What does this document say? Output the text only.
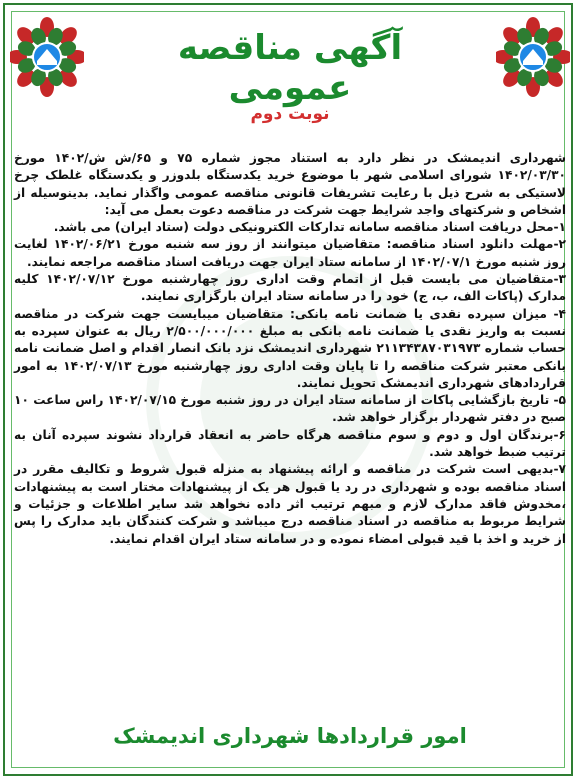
آگهی مناقصه عمومی
نوبت دوم

شهرداری اندیمشک در نظر دارد به استناد مجوز شماره ۷۵ و ۶۵/ش ش/۱۴۰۲ مورخ ۱۴۰۲/۰۳/۳۰ شورای اسلامی شهر با موضوع خرید یکدستگاه بلدوزر و یکدستگاه غلطک چرخ لاستیکی به شرح ذیل با رعایت تشریفات قانونی مناقصه عمومی واگذار نماید. بدینوسیله از اشخاص و شرکتهای واجد شرایط جهت شرکت در مناقصه دعوت بعمل می آید:

۱-محل دریافت اسناد مناقصه سامانه تدارکات الکترونیکی دولت (ستاد ایران) می باشد.

۲-مهلت دانلود اسناد مناقصه: متقاضیان میتوانند از روز سه شنبه مورخ ۱۴۰۲/۰۶/۲۱ لغایت روز شنبه مورخ ۱۴۰۲/۰۷/۱ از سامانه ستاد ایران جهت دریافت اسناد مناقصه مراجعه نمایند.

۳-متقاضیان می بایست قبل از اتمام وقت اداری روز چهارشنبه مورخ ۱۴۰۲/۰۷/۱۲ کلیه مدارک (پاکات الف، ب، ج) خود را در سامانه ستاد ایران بارگزاری نمایند.

۴- میزان سپرده نقدی یا ضمانت نامه بانکی: متقاضیان میبایست جهت شرکت در مناقصه نسبت به واریز نقدی یا ضمانت نامه بانکی به مبلغ ۲/۵۰۰/۰۰۰/۰۰۰ ریال به عنوان سپرده به حساب شماره ۲۱۱۳۴۳۸۷۰۳۱۹۷۳ شهرداری اندیمشک نزد بانک انصار اقدام و اصل ضمانت نامه بانکی معتبر شرکت مناقصه را تا پایان وقت اداری روز چهارشنبه مورخ ۱۴۰۲/۰۷/۱۳ به امور قراردادهای شهرداری اندیمشک تحویل نمایند.

۵- تاریخ بازگشایی پاکات از سامانه ستاد ایران در روز شنبه مورخ ۱۴۰۲/۰۷/۱۵ راس ساعت ۱۰ صبح در دفتر شهردار برگزار خواهد شد.

۶-برندگان اول و دوم و سوم مناقصه هرگاه حاضر به انعقاد قرارداد نشوند سپرده آنان به ترتیب ضبط خواهد شد.

۷-بدیهی است شرکت در مناقصه و ارائه پیشنهاد به منزله قبول شروط و تکالیف مقرر در اسناد مناقصه بوده و شهرداری در رد یا قبول هر یک از پیشنهادات مختار است به پیشنهادات ،مخدوش فاقد مدارک لازم و مبهم ترتیب اثر داده نخواهد شد سایر اطلاعات و جزئیات و شرایط مربوط به مناقصه در اسناد مناقصه درج میباشد و شرکت کنندگان باید مدارک را پس از خرید و اخذ با قید قبولی امضاء نموده و در سامانه ستاد ایران اقدام نمایند.

امور قراردادها شهرداری اندیمشک
